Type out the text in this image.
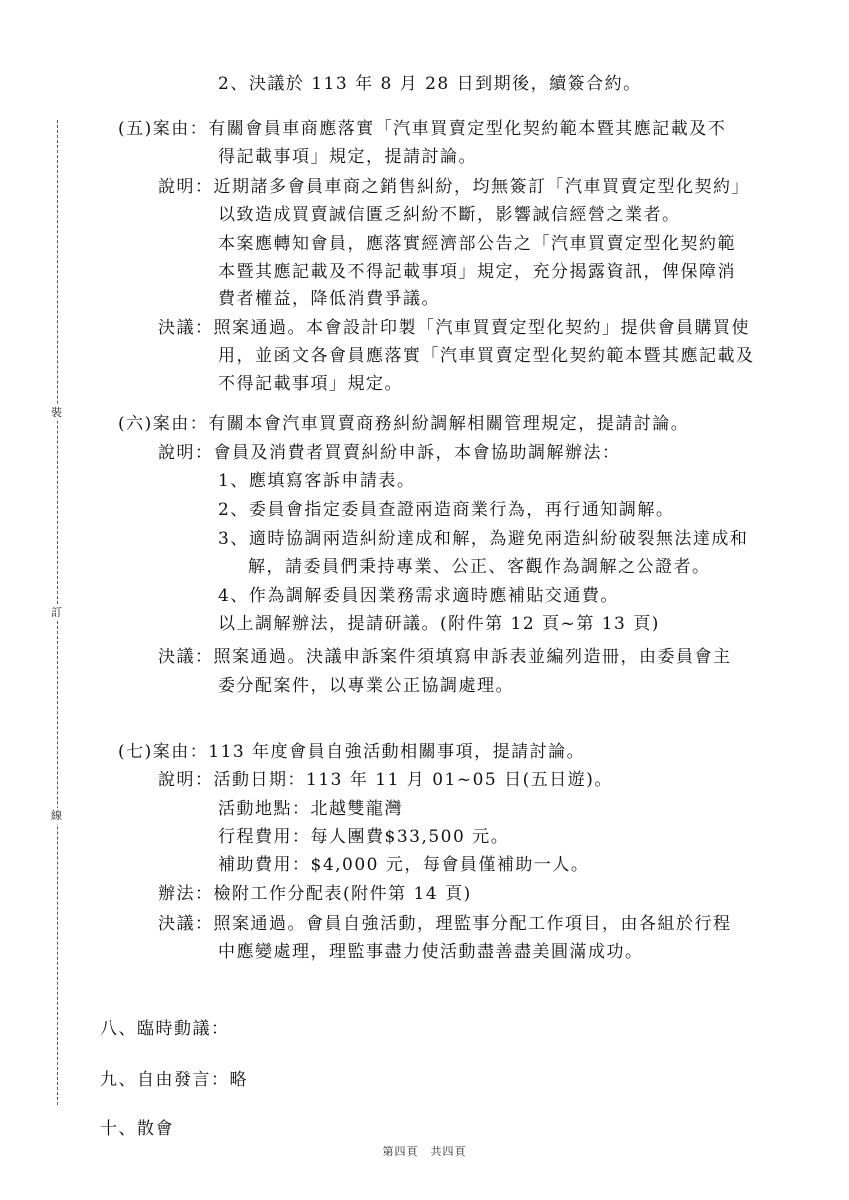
裝
訂
線
2、決議於 113 年 8 月 28 日到期後，續簽合約。
(五)案由：有關會員車商應落實「汽車買賣定型化契約範本暨其應記載及不
得記載事項」規定，提請討論。
說明：近期諸多會員車商之銷售糾紛，均無簽訂「汽車買賣定型化契約」
以致造成買賣誠信匱乏糾紛不斷，影響誠信經營之業者。
本案應轉知會員，應落實經濟部公告之「汽車買賣定型化契約範
本暨其應記載及不得記載事項」規定，充分揭露資訊，俾保障消
費者權益，降低消費爭議。
決議：照案通過。本會設計印製「汽車買賣定型化契約」提供會員購買使
用，並函文各會員應落實「汽車買賣定型化契約範本暨其應記載及
不得記載事項」規定。
(六)案由：有關本會汽車買賣商務糾紛調解相關管理規定，提請討論。
說明：會員及消費者買賣糾紛申訴，本會協助調解辦法：
1、應填寫客訴申請表。
2、委員會指定委員查證兩造商業行為，再行通知調解。
3、適時協調兩造糾紛達成和解，為避免兩造糾紛破裂無法達成和
解，請委員們秉持專業、公正、客觀作為調解之公證者。
4、作為調解委員因業務需求適時應補貼交通費。
以上調解辦法，提請研議。(附件第 12 頁~第 13 頁)
決議：照案通過。決議申訴案件須填寫申訴表並編列造冊，由委員會主
委分配案件，以專業公正協調處理。
(七)案由：113 年度會員自強活動相關事項，提請討論。
說明：活動日期：113 年 11 月 01~05 日(五日遊)。
活動地點：北越雙龍灣
行程費用：每人團費$33,500 元。
補助費用：$4,000 元，每會員僅補助一人。
辦法：檢附工作分配表(附件第 14 頁)
決議：照案通過。會員自強活動，理監事分配工作項目，由各組於行程
中應變處理，理監事盡力使活動盡善盡美圓滿成功。
八、臨時動議：
九、自由發言：略
十、散會
第四頁 共四頁
